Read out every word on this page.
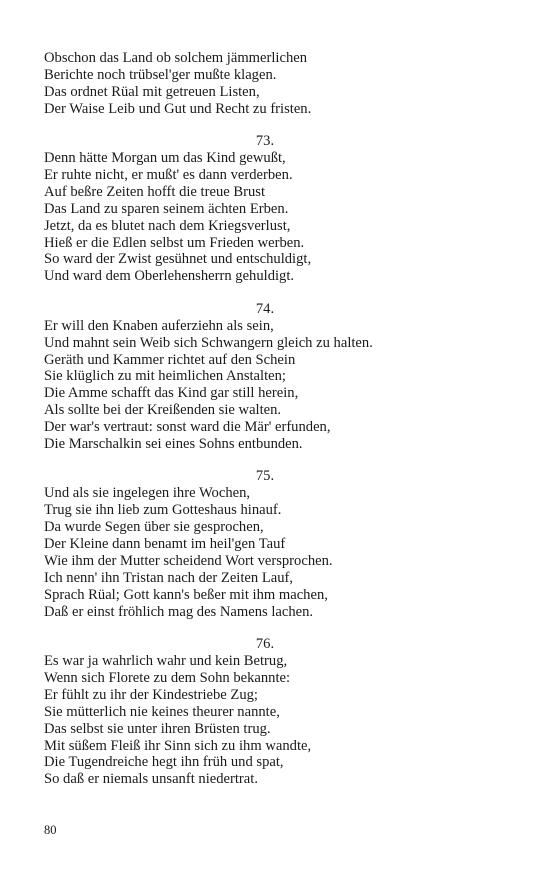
Obschon das Land ob solchem jämmerlichen
Berichte noch trübsel'ger mußte klagen.
Das ordnet Rüal mit getreuen Listen,
Der Waise Leib und Gut und Recht zu fristen.
73.
Denn hätte Morgan um das Kind gewußt,
Er ruhte nicht, er mußt' es dann verderben.
Auf beßre Zeiten hofft die treue Brust
Das Land zu sparen seinem ächten Erben.
Jetzt, da es blutet nach dem Kriegsverlust,
Hieß er die Edlen selbst um Frieden werben.
So ward der Zwist gesühnet und entschuldigt,
Und ward dem Oberlehensherrn gehuldigt.
74.
Er will den Knaben auferziehn als sein,
Und mahnt sein Weib sich Schwangern gleich zu halten.
Geräth und Kammer richtet auf den Schein
Sie klüglich zu mit heimlichen Anstalten;
Die Amme schafft das Kind gar still herein,
Als sollte bei der Kreißenden sie walten.
Der war's vertraut: sonst ward die Mär' erfunden,
Die Marschalkin sei eines Sohns entbunden.
75.
Und als sie ingelegen ihre Wochen,
Trug sie ihn lieb zum Gotteshaus hinauf.
Da wurde Segen über sie gesprochen,
Der Kleine dann benamt im heil'gen Tauf
Wie ihm der Mutter scheidend Wort versprochen.
Ich nenn' ihn Tristan nach der Zeiten Lauf,
Sprach Rüal; Gott kann's beßer mit ihm machen,
Daß er einst fröhlich mag des Namens lachen.
76.
Es war ja wahrlich wahr und kein Betrug,
Wenn sich Florete zu dem Sohn bekannte:
Er fühlt zu ihr der Kindestriebe Zug;
Sie mütterlich nie keines theurer nannte,
Das selbst sie unter ihren Brüsten trug.
Mit süßem Fleiß ihr Sinn sich zu ihm wandte,
Die Tugendreiche hegt ihn früh und spat,
So daß er niemals unsanft niedertrat.
80
